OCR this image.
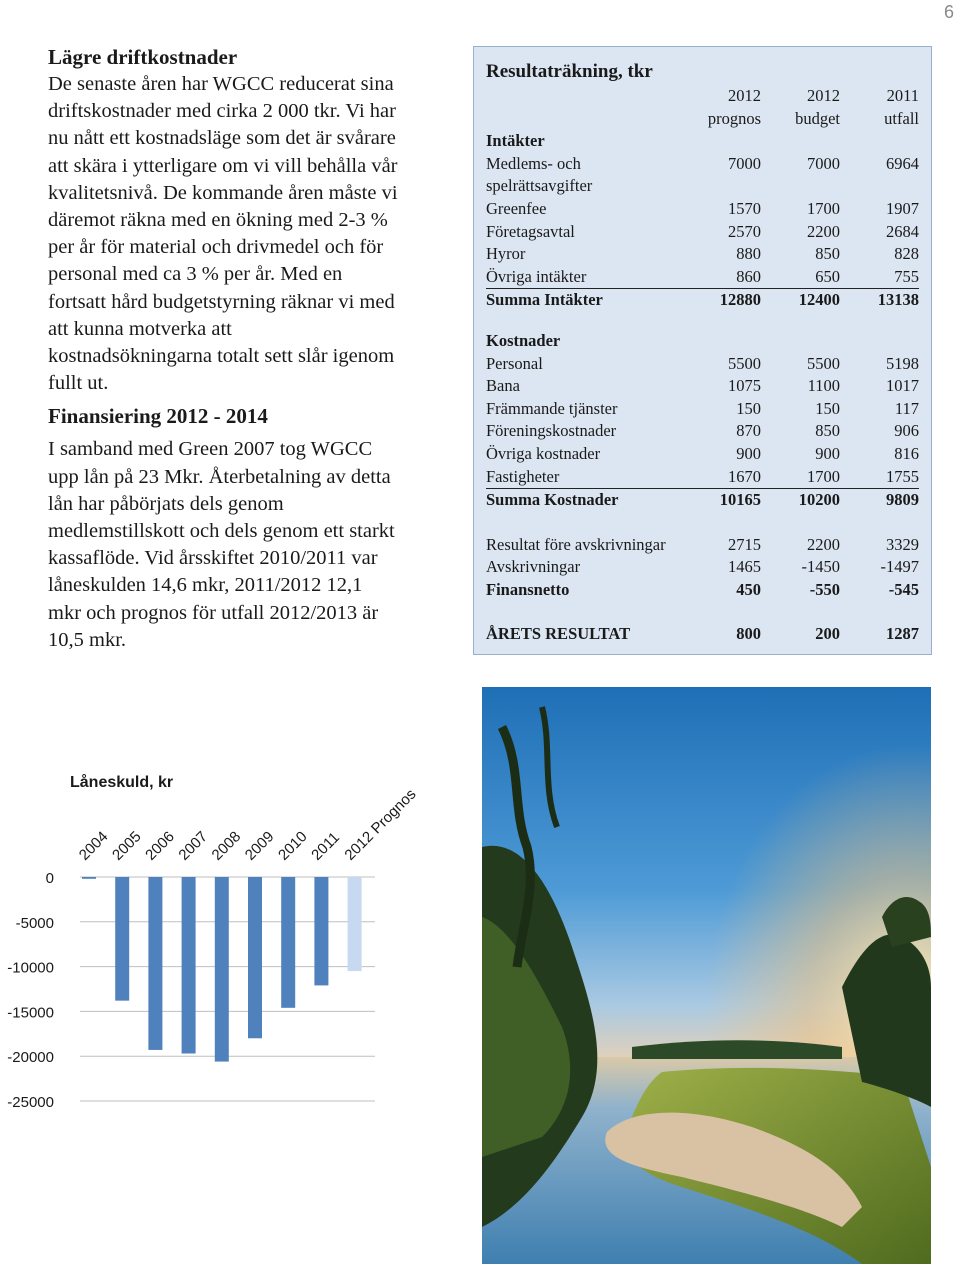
6
Lägre driftkostnader

De senaste åren har WGCC reducerat sina
driftskostnader med cirka 2 000 tkr. Vi har
nu nått ett kostnadsläge som det är svårare
att skära i ytterligare om vi vill behålla vår
kvalitetsnivå. De kommande åren måste vi
däremot räkna med en ökning med 2-3 %
per år för material och drivmedel och för
personal med ca 3 % per år. Med en
fortsatt hård budgetstyrning räknar vi med
att kunna motverka att
kostnadsökningarna totalt sett slår igenom
fullt ut.

Finansiering 2012 - 2014

I samband med Green 2007 tog WGCC
upp lån på 23 Mkr. Återbetalning av detta
lån har påbörjats dels genom
medlemstillskott och dels genom ett starkt
kassaflöde. Vid årsskiftet 2010/2011 var
låneskulden 14,6 mkr, 2011/2012 12,1
mkr och prognos för utfall 2012/2013 är
10,5 mkr.

Resultaträkning, tkr
	2012	2012	2011
	prognos	budget	utfall
Intäkter			
Medlems- och spelrättsavgifter	7000	7000	6964
Greenfee	1570	1700	1907
Företagsavtal	2570	2200	2684
Hyror	880	850	828
Övriga intäkter	860	650	755
Summa Intäkter	12880	12400	13138

Kostnader			
Personal	5500	5500	5198
Bana	1075	1100	1017
Främmande tjänster	150	150	117
Föreningskostnader	870	850	906
Övriga kostnader	900	900	816
Fastigheter	1670	1700	1755
Summa Kostnader	10165	10200	9809

Resultat före avskrivningar	2715	2200	3329
Avskrivningar	1465	-1450	-1497
Finansnetto	450	-550	-545

ÅRETS RESULTAT	800	200	1287
Låneskuld, kr
0
-5000
-10000
-15000
-20000
-25000
2004
2005
2006
2007
2008
2009
2010
2011
2012 Prognos
